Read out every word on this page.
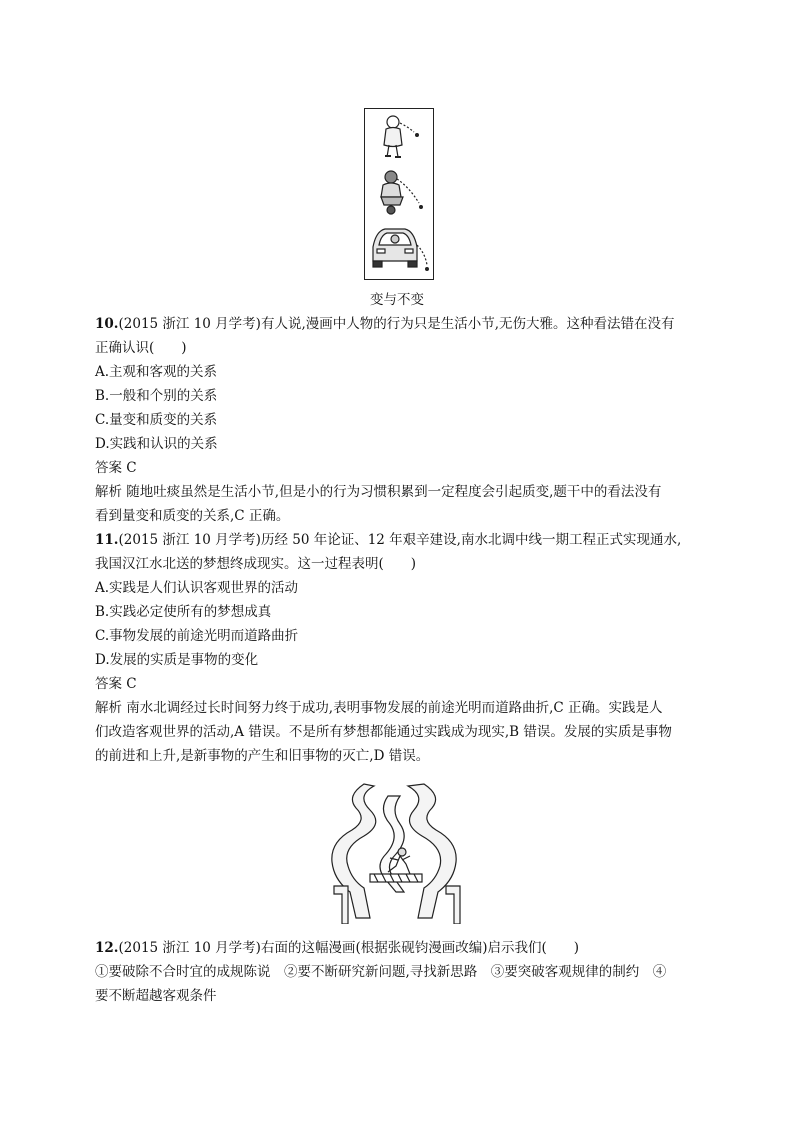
变与不变
10.(2015 浙江 10 月学考)有人说,漫画中人物的行为只是生活小节,无伤大雅。这种看法错在没有
正确认识(　　)
A.主观和客观的关系
B.一般和个别的关系
C.量变和质变的关系
D.实践和认识的关系
答案 C
解析 随地吐痰虽然是生活小节,但是小的行为习惯积累到一定程度会引起质变,题干中的看法没有
看到量变和质变的关系,C 正确。
11.(2015 浙江 10 月学考)历经 50 年论证、12 年艰辛建设,南水北调中线一期工程正式实现通水,
我国汉江水北送的梦想终成现实。这一过程表明(　　)
A.实践是人们认识客观世界的活动
B.实践必定使所有的梦想成真
C.事物发展的前途光明而道路曲折
D.发展的实质是事物的变化
答案 C
解析 南水北调经过长时间努力终于成功,表明事物发展的前途光明而道路曲折,C 正确。实践是人
们改造客观世界的活动,A 错误。不是所有梦想都能通过实践成为现实,B 错误。发展的实质是事物
的前进和上升,是新事物的产生和旧事物的灭亡,D 错误。
12.(2015 浙江 10 月学考)右面的这幅漫画(根据张砚钧漫画改编)启示我们(　　)
①要破除不合时宜的成规陈说　②要不断研究新问题,寻找新思路　③要突破客观规律的制约　④
要不断超越客观条件
